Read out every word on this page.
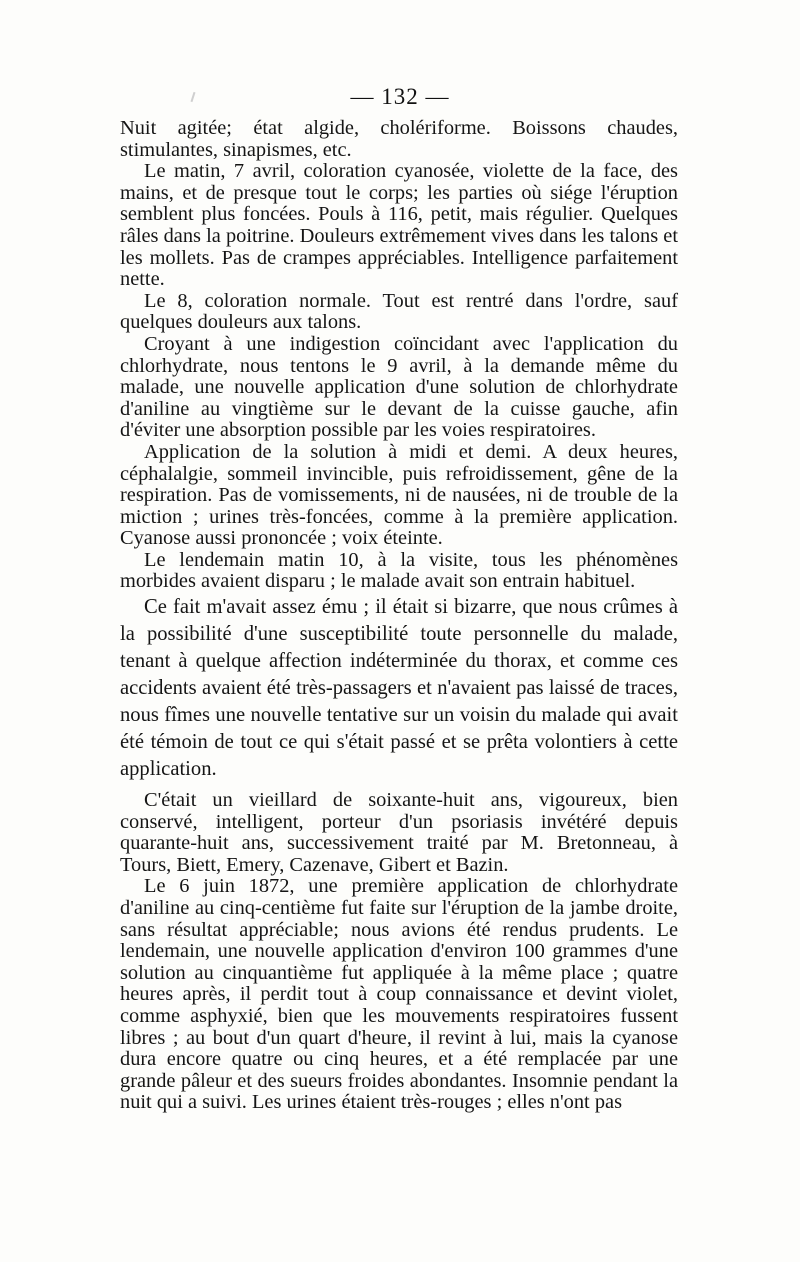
— 132 —

Nuit agitée; état algide, cholériforme. Boissons chaudes, stimulantes, sinapismes, etc.

Le matin, 7 avril, coloration cyanosée, violette de la face, des mains, et de presque tout le corps; les parties où siége l'éruption semblent plus foncées. Pouls à 116, petit, mais régulier. Quelques râles dans la poitrine. Douleurs extrêmement vives dans les talons et les mollets. Pas de crampes appréciables. Intelligence parfaitement nette.

Le 8, coloration normale. Tout est rentré dans l'ordre, sauf quelques douleurs aux talons.

Croyant à une indigestion coïncidant avec l'application du chlorhydrate, nous tentons le 9 avril, à la demande même du malade, une nouvelle application d'une solution de chlorhydrate d'aniline au vingtième sur le devant de la cuisse gauche, afin d'éviter une absorption possible par les voies respiratoires.

Application de la solution à midi et demi. A deux heures, céphalalgie, sommeil invincible, puis refroidissement, gêne de la respiration. Pas de vomissements, ni de nausées, ni de trouble de la miction ; urines très-foncées, comme à la première application. Cyanose aussi prononcée ; voix éteinte.

Le lendemain matin 10, à la visite, tous les phénomènes morbides avaient disparu ; le malade avait son entrain habituel.

Ce fait m'avait assez ému ; il était si bizarre, que nous crûmes à la possibilité d'une susceptibilité toute personnelle du malade, tenant à quelque affection indéterminée du thorax, et comme ces accidents avaient été très-passagers et n'avaient pas laissé de traces, nous fîmes une nouvelle tentative sur un voisin du malade qui avait été témoin de tout ce qui s'était passé et se prêta volontiers à cette application.

C'était un vieillard de soixante-huit ans, vigoureux, bien conservé, intelligent, porteur d'un psoriasis invétéré depuis quarante-huit ans, successivement traité par M. Bretonneau, à Tours, Biett, Emery, Cazenave, Gibert et Bazin.

Le 6 juin 1872, une première application de chlorhydrate d'aniline au cinq-centième fut faite sur l'éruption de la jambe droite, sans résultat appréciable; nous avions été rendus prudents. Le lendemain, une nouvelle application d'environ 100 grammes d'une solution au cinquantième fut appliquée à la même place ; quatre heures après, il perdit tout à coup connaissance et devint violet, comme asphyxié, bien que les mouvements respiratoires fussent libres ; au bout d'un quart d'heure, il revint à lui, mais la cyanose dura encore quatre ou cinq heures, et a été remplacée par une grande pâleur et des sueurs froides abondantes. Insomnie pendant la nuit qui a suivi. Les urines étaient très-rouges ; elles n'ont pas
